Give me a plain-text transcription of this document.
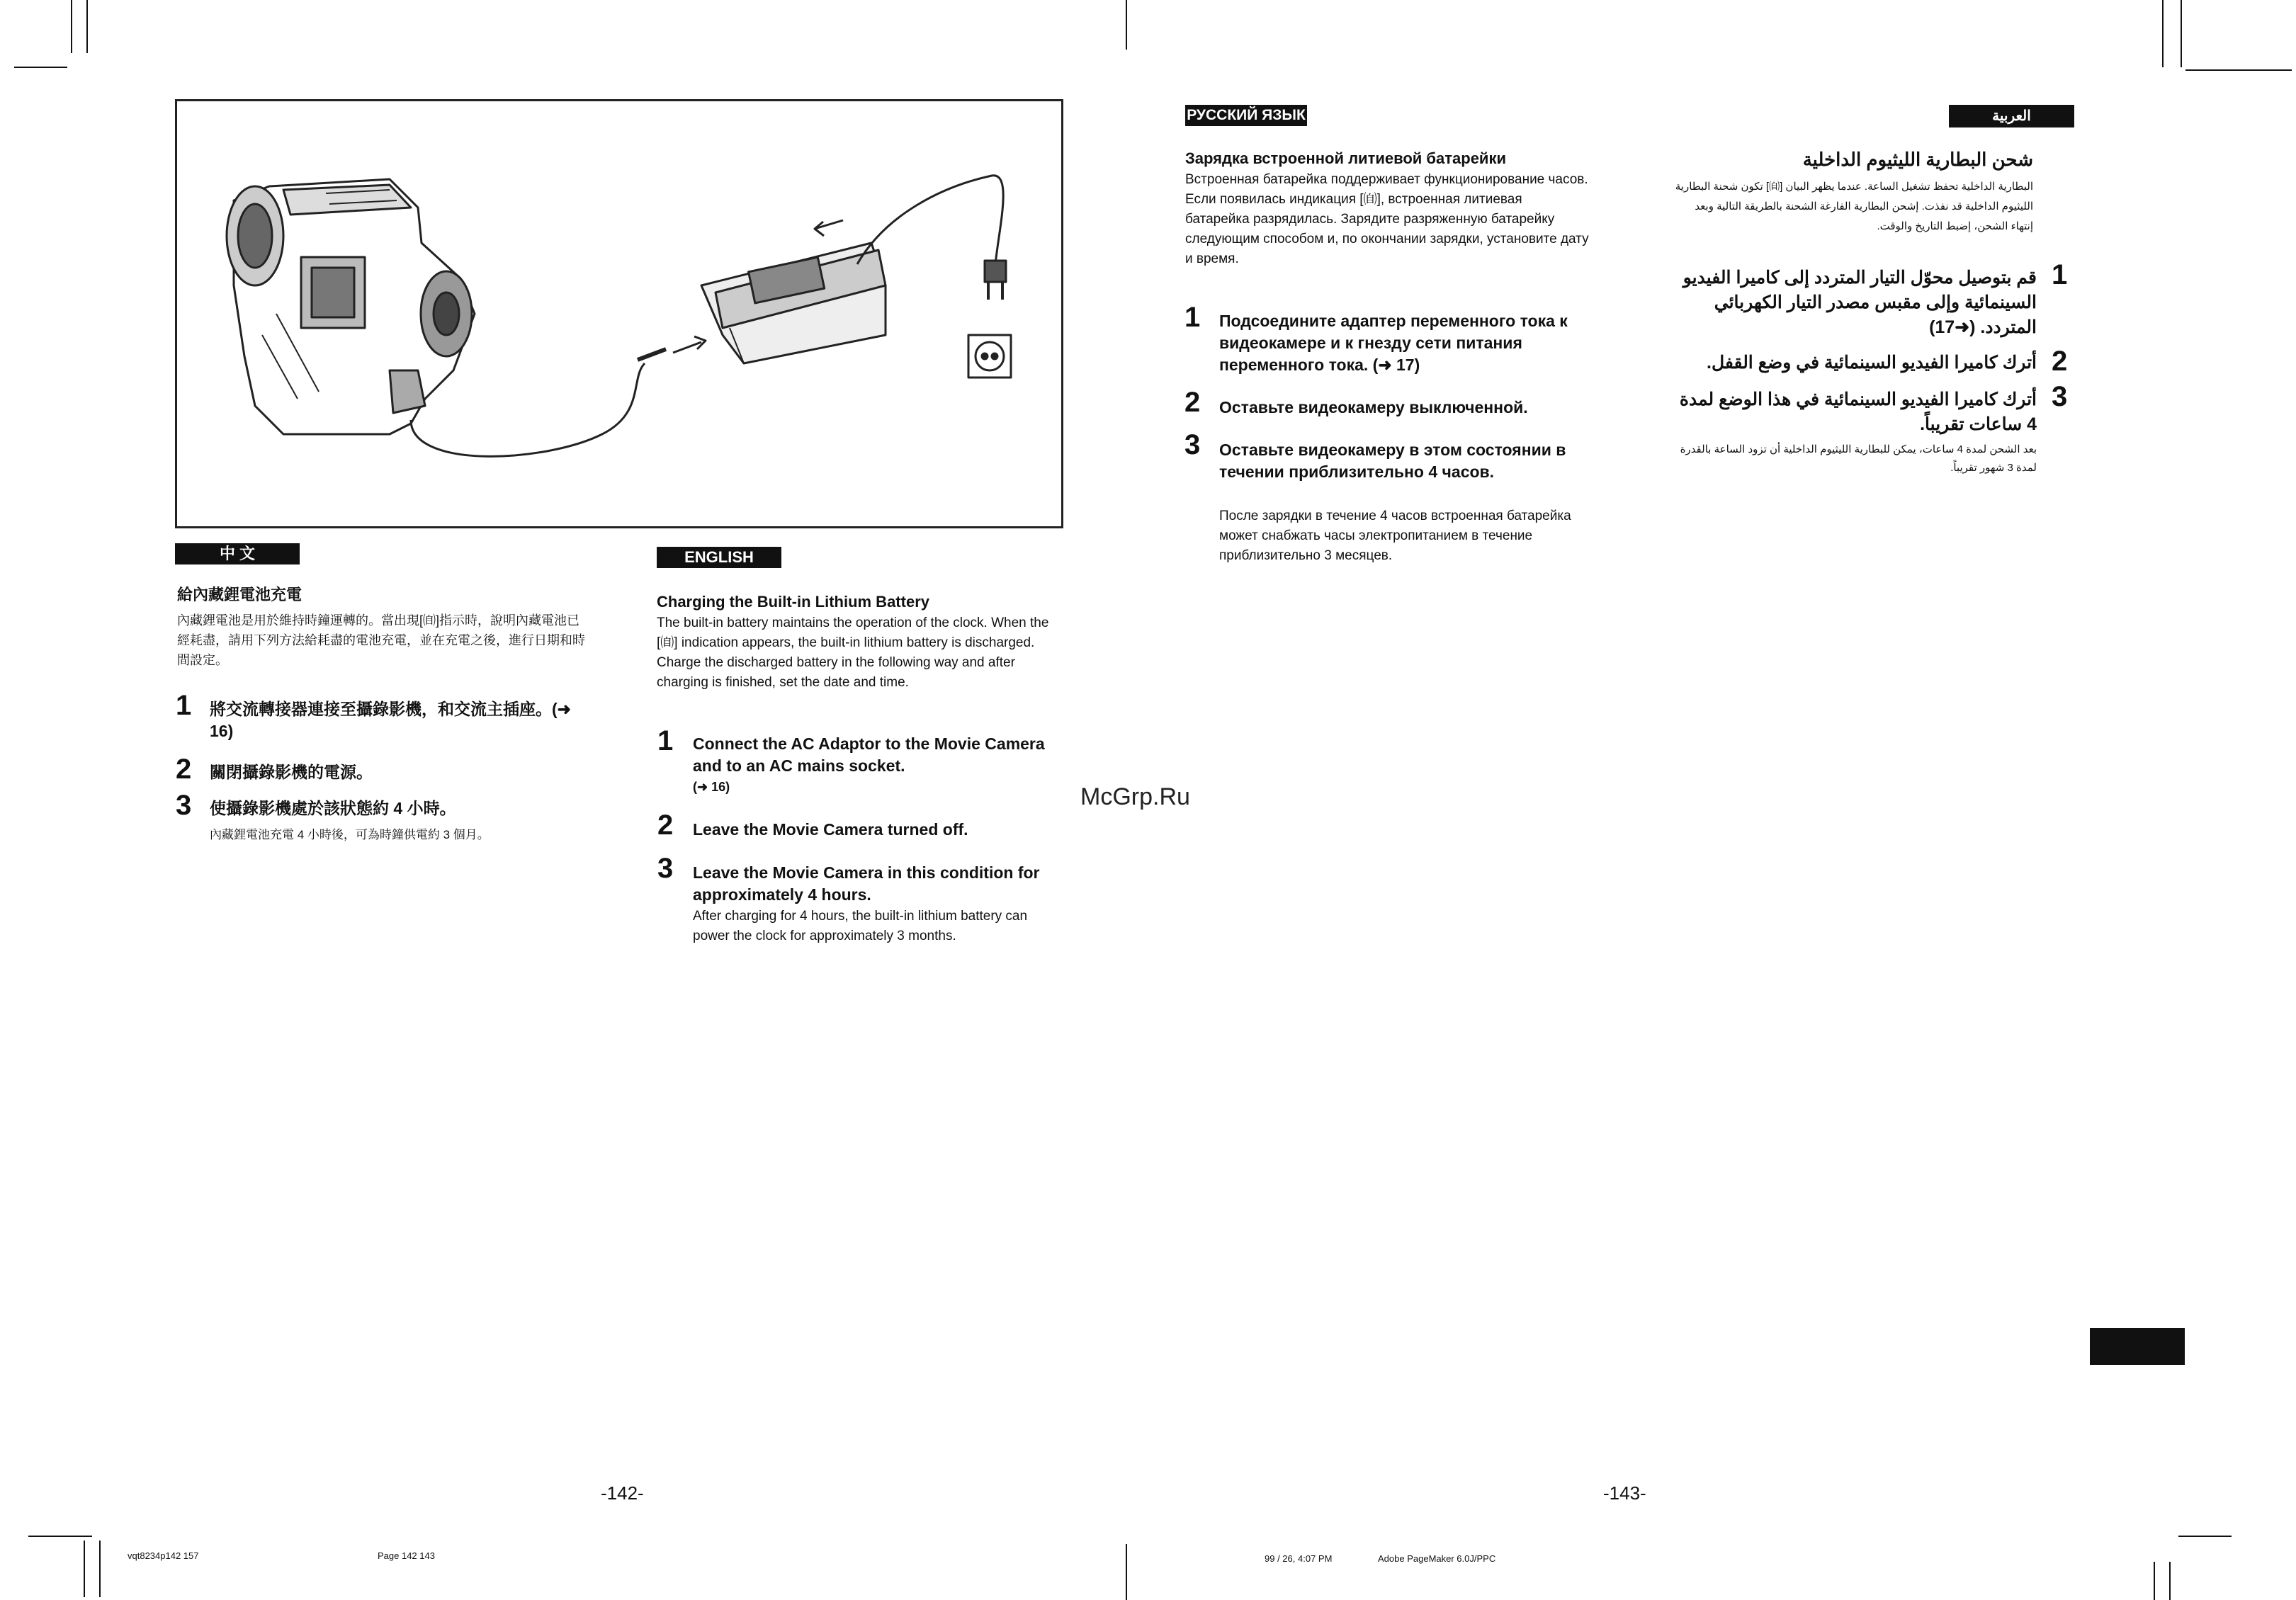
中 文
給內藏鋰電池充電
內藏鋰電池是用於維持時鐘運轉的。當出現[㉂]指示時，說明內藏電池已經耗盡，請用下列方法給耗盡的電池充電，並在充電之後，進行日期和時間設定。
1 將交流轉接器連接至攝錄影機，和交流主插座。(➜ 16)
2 關閉攝錄影機的電源。
3 使攝錄影機處於該狀態約 4 小時。
內藏鋰電池充電 4 小時後，可為時鐘供電約 3 個月。
ENGLISH
Charging the Built-in Lithium Battery
The built-in battery maintains the operation of the clock. When the [㉂] indication appears, the built-in lithium battery is discharged. Charge the discharged battery in the following way and after charging is finished, set the date and time.
1 Connect the AC Adaptor to the Movie Camera and to an AC mains socket.
(➜ 16)
2 Leave the Movie Camera turned off.
3 Leave the Movie Camera in this condition for approximately 4 hours.
After charging for 4 hours, the built-in lithium battery can power the clock for approximately 3 months.
-142-
РУССКИЙ ЯЗЫК
Зарядка встроенной литиевой батарейки
Встроенная батарейка поддерживает функционирование часов. Если появилась индикация [㉂], встроенная литиевая батарейка разрядилась. Зарядите разряженную батарейку следующим способом и, по окончании зарядки, установите дату и время.
1 Подсоедините адаптер переменного тока к видеокамере и к гнезду сети питания переменного тока. (➜ 17)
2 Оставьте видеокамеру выключенной.
3 Оставьте видеокамеру в этом состоянии в течении приблизительно 4 часов.
После зарядки в течение 4 часов встроенная батарейка может снабжать часы электропитанием в течение приблизительно 3 месяцев.
McGrp.Ru
العربية
شحن البطارية الليثيوم الداخلية
البطارية الداخلية تحفظ تشغيل الساعة. عندما يظهر البيان [㉂] تكون شحنة البطارية الليثيوم الداخلية قد نفذت. إشحن البطارية الفارغة الشحنة بالطريقة التالية وبعد إنتهاء الشحن، إضبط التاريخ والوقت.
1
قم بتوصيل محوّل التيار المتردد إلى كاميرا الفيديو السينمائية وإلى مقبس مصدر التيار الكهربائي المتردد. (➜17)
2
أترك كاميرا الفيديو السينمائية في وضع القفل.
3
أترك كاميرا الفيديو السينمائية في هذا الوضع لمدة 4 ساعات تقريباً.
بعد الشحن لمدة 4 ساعات، يمكن للبطارية الليثيوم الداخلية أن تزود الساعة بالقدرة لمدة 3 شهور تقريباً.
-143-
vqt8234p142 157	Page 142 143	99 / 26, 4:07 PM	Adobe PageMaker 6.0J/PPC
